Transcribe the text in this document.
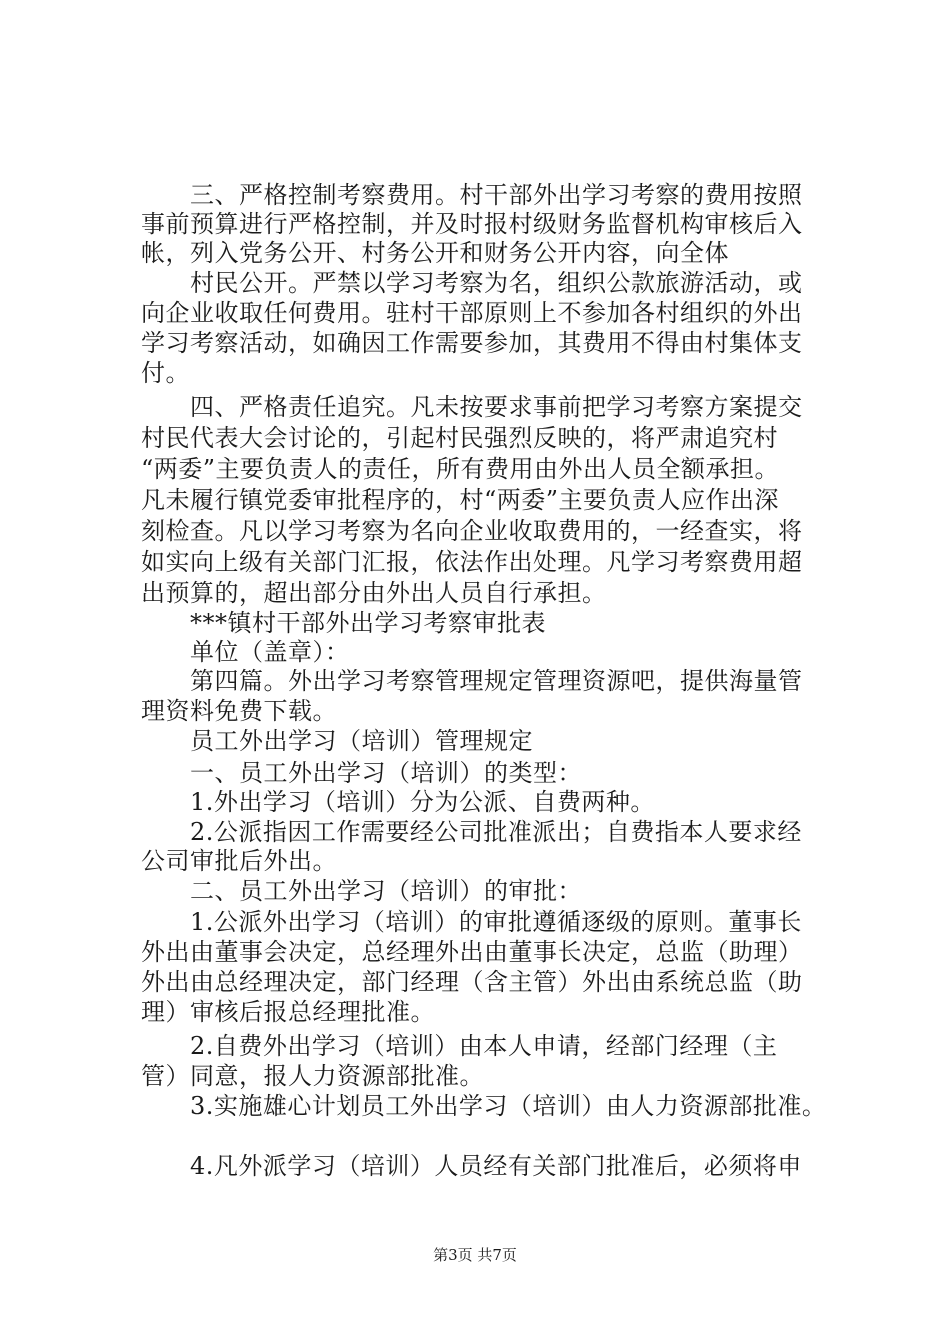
　　三、严格控制考察费用。村干部外出学习考察的费用按照
事前预算进行严格控制，并及时报村级财务监督机构审核后入
帐，列入党务公开、村务公开和财务公开内容，向全体
　　村民公开。严禁以学习考察为名，组织公款旅游活动，或
向企业收取任何费用。驻村干部原则上不参加各村组织的外出
学习考察活动，如确因工作需要参加，其费用不得由村集体支
付。
　　四、严格责任追究。凡未按要求事前把学习考察方案提交
村民代表大会讨论的，引起村民强烈反映的，将严肃追究村
“两委”主要负责人的责任，所有费用由外出人员全额承担。
凡未履行镇党委审批程序的，村“两委”主要负责人应作出深
刻检查。凡以学习考察为名向企业收取费用的，一经查实，将
如实向上级有关部门汇报，依法作出处理。凡学习考察费用超
出预算的，超出部分由外出人员自行承担。
　　***镇村干部外出学习考察审批表
　　单位（盖章）：
　　第四篇。外出学习考察管理规定管理资源吧，提供海量管
理资料免费下载。
　　员工外出学习（培训）管理规定
　　一、员工外出学习（培训）的类型：
　　1.外出学习（培训）分为公派、自费两种。
　　2.公派指因工作需要经公司批准派出；自费指本人要求经
公司审批后外出。
　　二、员工外出学习（培训）的审批：
　　1.公派外出学习（培训）的审批遵循逐级的原则。董事长
外出由董事会决定，总经理外出由董事长决定，总监（助理）
外出由总经理决定，部门经理（含主管）外出由系统总监（助
理）审核后报总经理批准。
　　2.自费外出学习（培训）由本人申请，经部门经理（主
管）同意，报人力资源部批准。
　　3.实施雄心计划员工外出学习（培训）由人力资源部批准。
　　4.凡外派学习（培训）人员经有关部门批准后，必须将申
第3页 共7页
